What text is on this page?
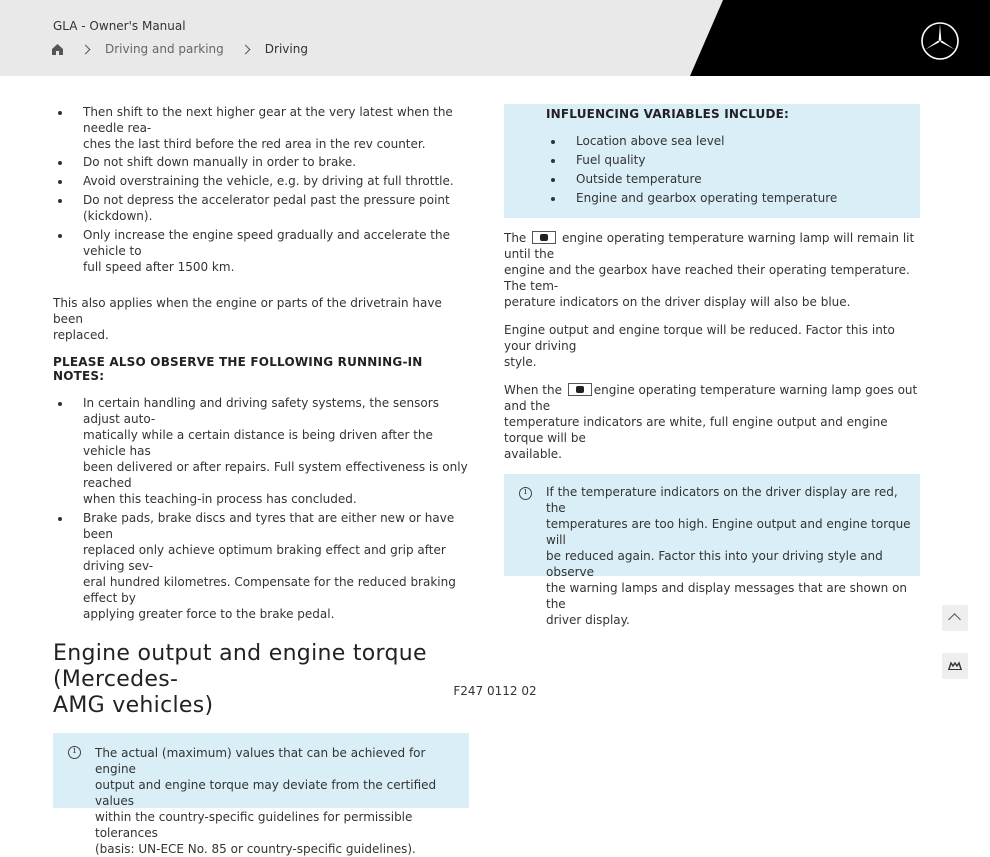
GLA - Owner's Manual
Driving and parking	Driving
Then shift to the next higher gear at the very latest when the needle rea-
ches the last third before the red area in the rev counter.
Do not shift down manually in order to brake.
Avoid overstraining the vehicle, e.g. by driving at full throttle.
Do not depress the accelerator pedal past the pressure point (kickdown).
Only increase the engine speed gradually and accelerate the vehicle to
full speed after 1500 km.
This also applies when the engine or parts of the drivetrain have been
replaced.
PLEASE ALSO OBSERVE THE FOLLOWING RUNNING-IN NOTES:
In certain handling and driving safety systems, the sensors adjust auto-
matically while a certain distance is being driven after the vehicle has
been delivered or after repairs. Full system effectiveness is only reached
when this teaching-in process has concluded.
Brake pads, brake discs and tyres that are either new or have been
replaced only achieve optimum braking effect and grip after driving sev-
eral hundred kilometres. Compensate for the reduced braking effect by
applying greater force to the brake pedal.
Engine output and engine torque (Mercedes-
AMG vehicles)
i
The actual (maximum) values that can be achieved for engine
output and engine torque may deviate from the certified values
within the country-specific guidelines for permissible tolerances
(basis: UN-ECE No. 85 or country-specific guidelines).
INFLUENCING VARIABLES INCLUDE:
Location above sea level
Fuel quality
Outside temperature
Engine and gearbox operating temperature
The	engine operating temperature warning lamp will remain lit until the
engine and the gearbox have reached their operating temperature. The tem-
perature indicators on the driver display will also be blue.
Engine output and engine torque will be reduced. Factor this into your driving
style.
When the	engine operating temperature warning lamp goes out and the
temperature indicators are white, full engine output and engine torque will be
available.
i
If the temperature indicators on the driver display are red, the
temperatures are too high. Engine output and engine torque will
be reduced again. Factor this into your driving style and observe
the warning lamps and display messages that are shown on the
driver display.
F247 0112 02
